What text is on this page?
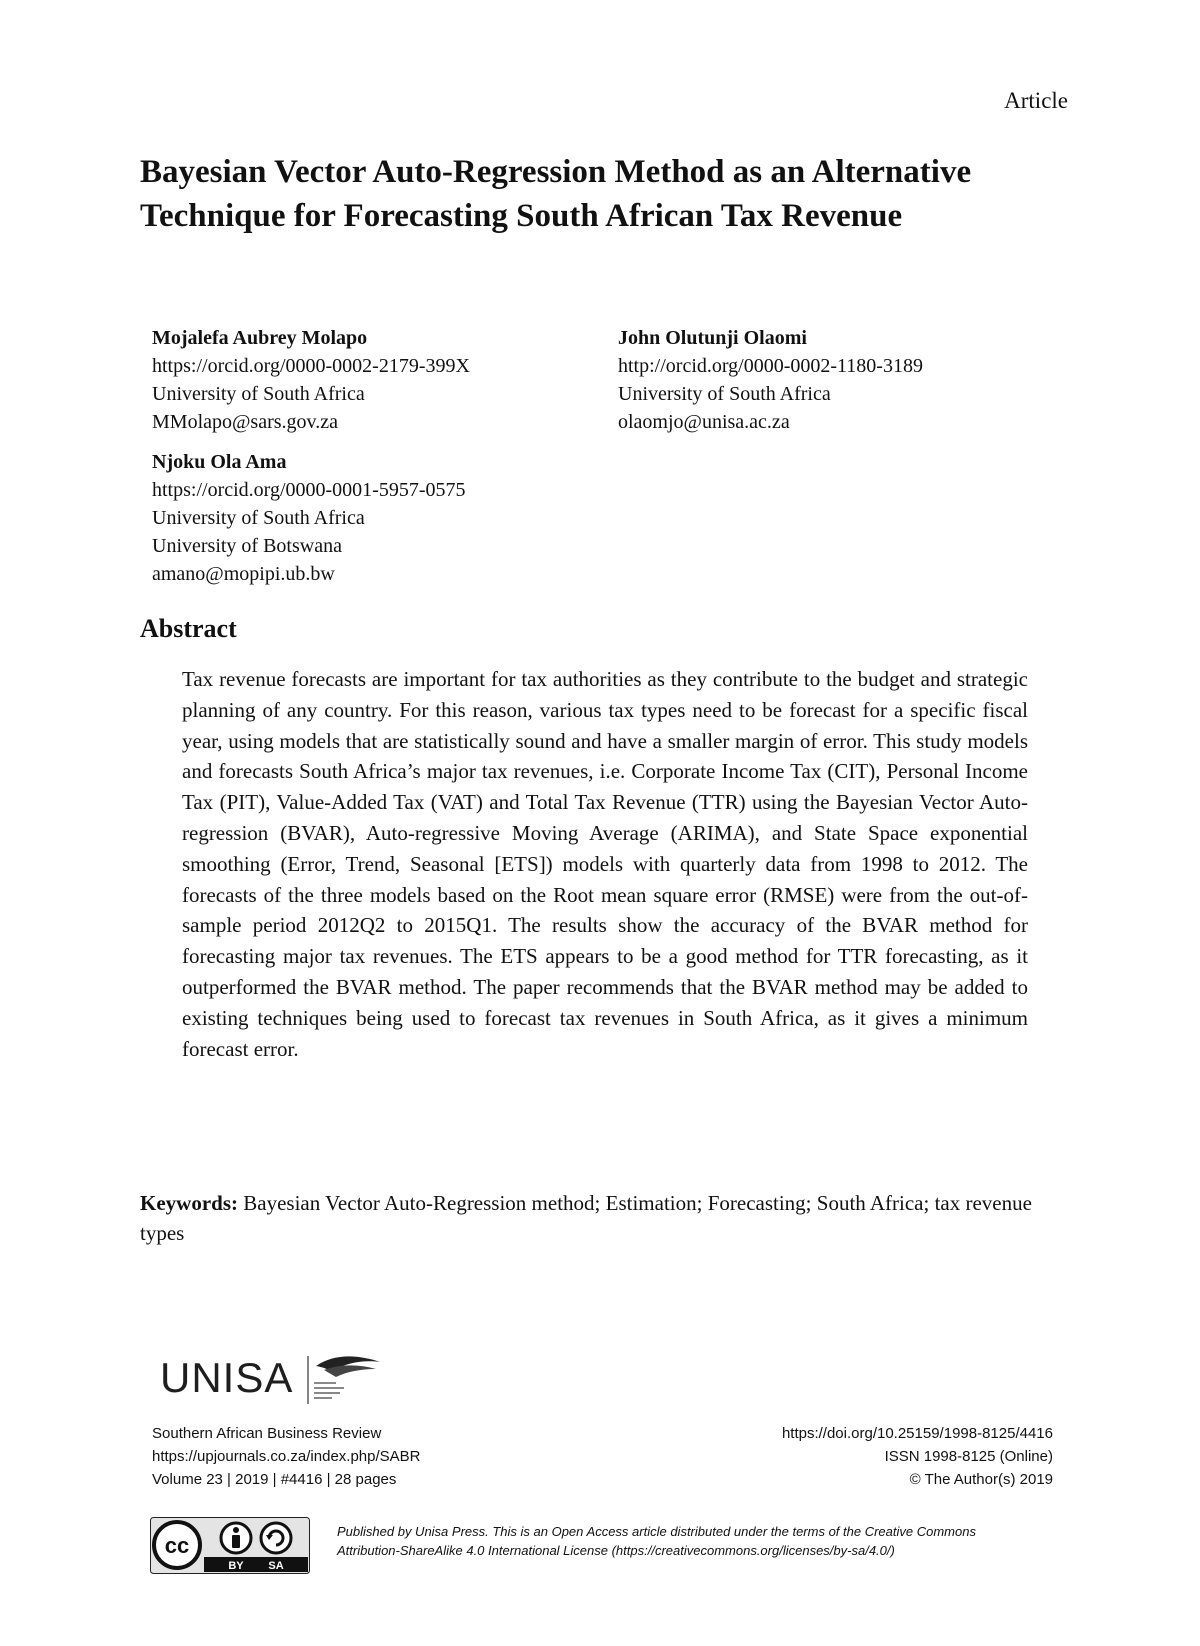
Article
Bayesian Vector Auto-Regression Method as an Alternative Technique for Forecasting South African Tax Revenue
Mojalefa Aubrey Molapo
https://orcid.org/0000-0002-2179-399X
University of South Africa
MMolapo@sars.gov.za
John Olutunji Olaomi
http://orcid.org/0000-0002-1180-3189
University of South Africa
olaomjo@unisa.ac.za
Njoku Ola Ama
https://orcid.org/0000-0001-5957-0575
University of South Africa
University of Botswana
amano@mopipi.ub.bw
Abstract

Tax revenue forecasts are important for tax authorities as they contribute to the budget and strategic planning of any country. For this reason, various tax types need to be forecast for a specific fiscal year, using models that are statistically sound and have a smaller margin of error. This study models and forecasts South Africa’s major tax revenues, i.e. Corporate Income Tax (CIT), Personal Income Tax (PIT), Value-Added Tax (VAT) and Total Tax Revenue (TTR) using the Bayesian Vector Auto-regression (BVAR), Auto-regressive Moving Average (ARIMA), and State Space exponential smoothing (Error, Trend, Seasonal [ETS]) models with quarterly data from 1998 to 2012. The forecasts of the three models based on the Root mean square error (RMSE) were from the out-of-sample period 2012Q2 to 2015Q1. The results show the accuracy of the BVAR method for forecasting major tax revenues. The ETS appears to be a good method for TTR forecasting, as it outperformed the BVAR method. The paper recommends that the BVAR method may be added to existing techniques being used to forecast tax revenues in South Africa, as it gives a minimum forecast error.

Keywords: Bayesian Vector Auto-Regression method; Estimation; Forecasting; South Africa; tax revenue types

UNISA
Southern African Business Review
https://upjournals.co.za/index.php/SABR
Volume 23 | 2019 | #4416 | 28 pages
https://doi.org/10.25159/1998-8125/4416
ISSN 1998-8125 (Online)
© The Author(s) 2019
cc
BY SA
Published by Unisa Press. This is an Open Access article distributed under the terms of the Creative Commons Attribution-ShareAlike 4.0 International License (https://creativecommons.org/licenses/by-sa/4.0/)
